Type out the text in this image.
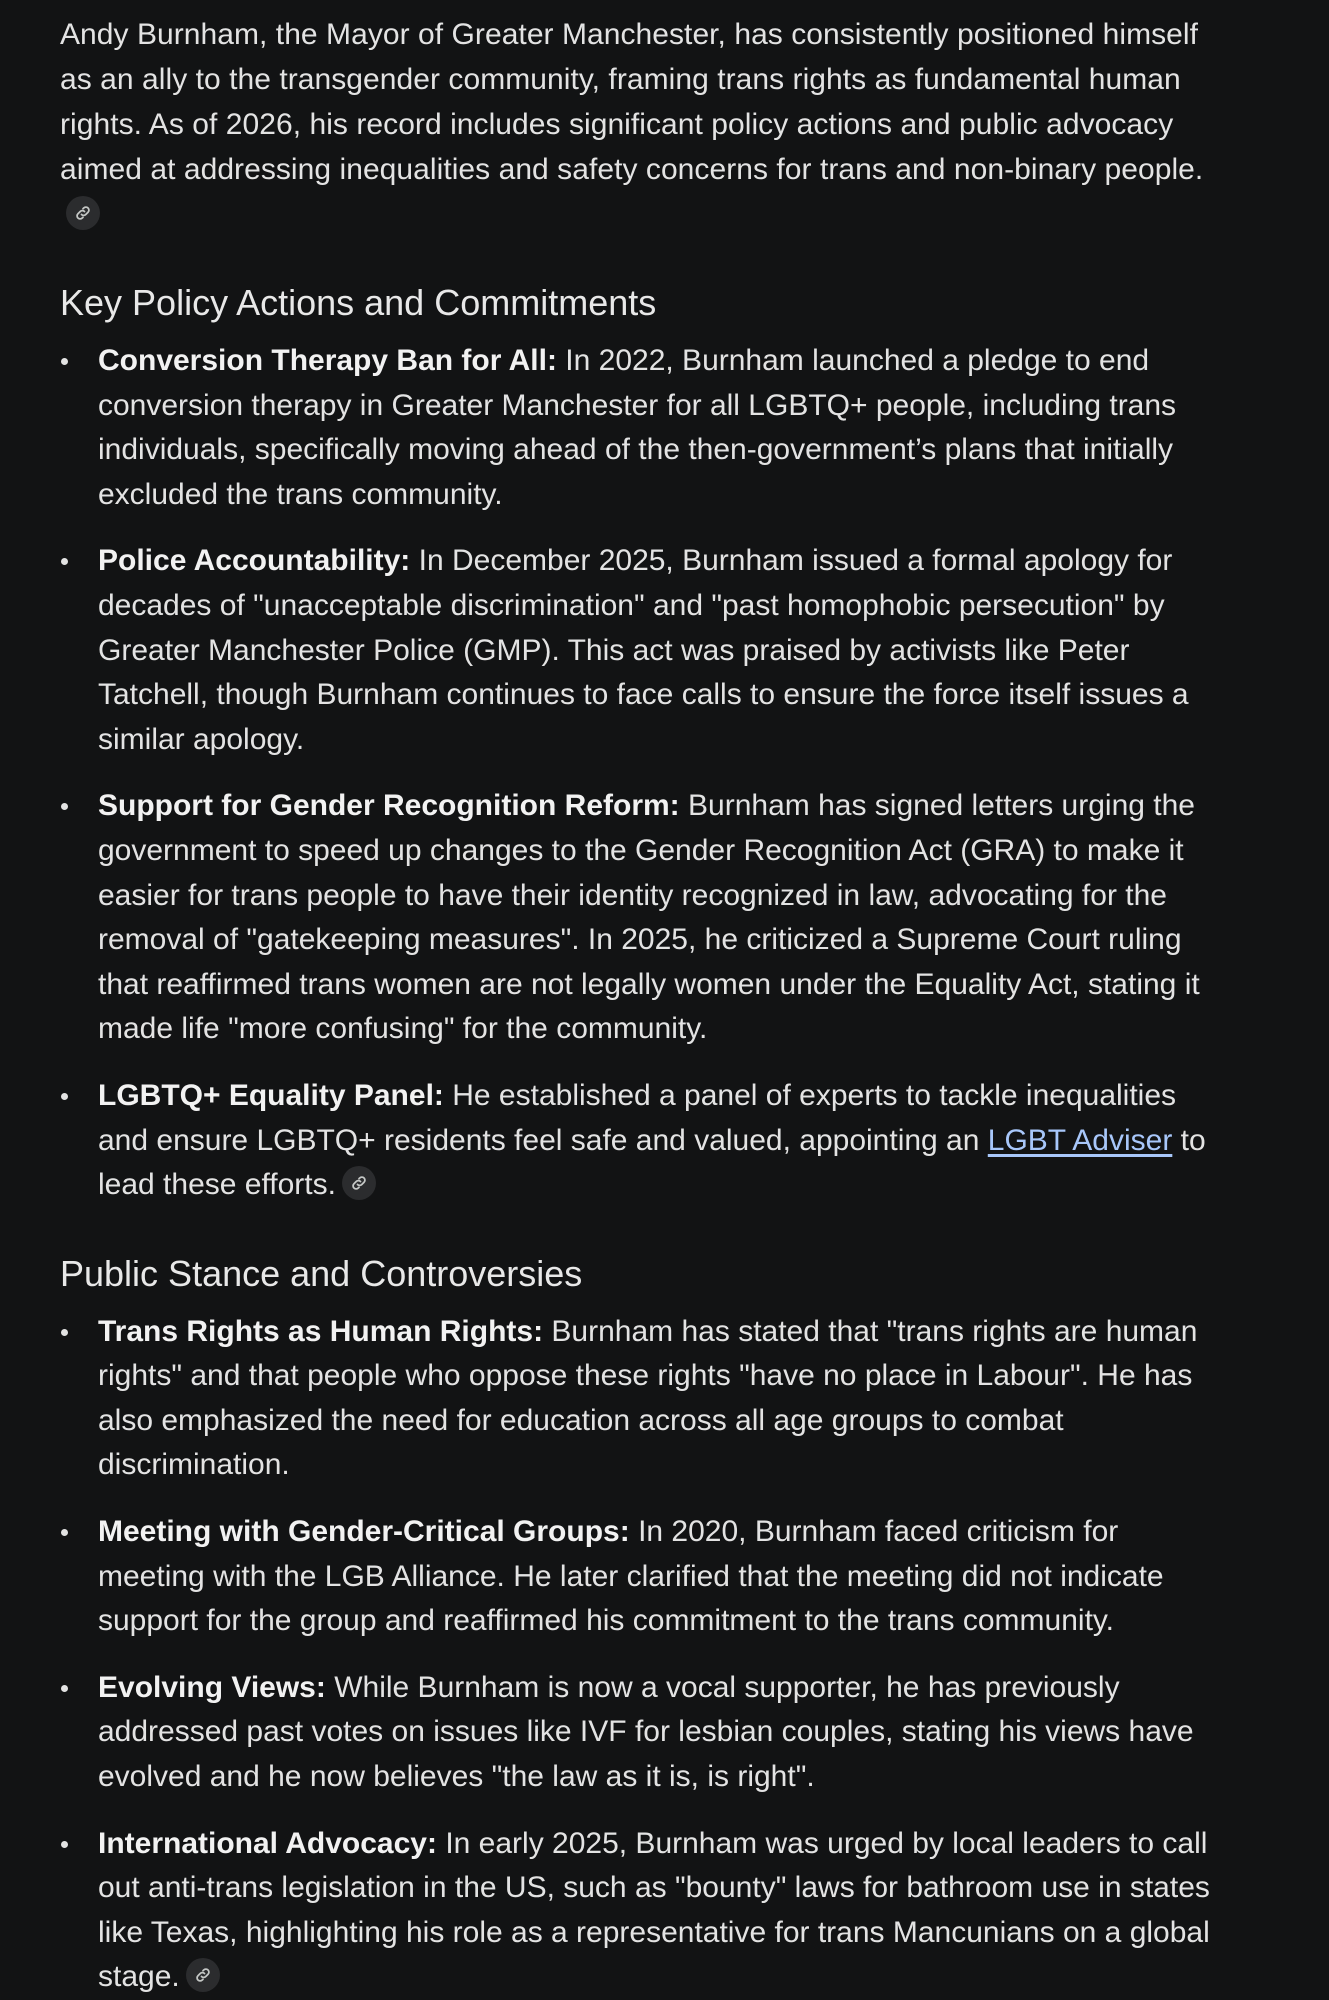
Andy Burnham, the Mayor of Greater Manchester, has consistently positioned himself as an ally to the transgender community, framing trans rights as fundamental human rights. As of 2026, his record includes significant policy actions and public advocacy aimed at addressing inequalities and safety concerns for trans and non-binary people.

Key Policy Actions and Commitments
Conversion Therapy Ban for All: In 2022, Burnham launched a pledge to end conversion therapy in Greater Manchester for all LGBTQ+ people, including trans individuals, specifically moving ahead of the then-government’s plans that initially excluded the trans community.
Police Accountability: In December 2025, Burnham issued a formal apology for decades of "unacceptable discrimination" and "past homophobic persecution" by Greater Manchester Police (GMP). This act was praised by activists like Peter Tatchell, though Burnham continues to face calls to ensure the force itself issues a similar apology.
Support for Gender Recognition Reform: Burnham has signed letters urging the government to speed up changes to the Gender Recognition Act (GRA) to make it easier for trans people to have their identity recognized in law, advocating for the removal of "gatekeeping measures". In 2025, he criticized a Supreme Court ruling that reaffirmed trans women are not legally women under the Equality Act, stating it made life "more confusing" for the community.
LGBTQ+ Equality Panel: He established a panel of experts to tackle inequalities and ensure LGBTQ+ residents feel safe and valued, appointing an LGBT Adviser to lead these efforts.
Public Stance and Controversies
Trans Rights as Human Rights: Burnham has stated that "trans rights are human rights" and that people who oppose these rights "have no place in Labour". He has also emphasized the need for education across all age groups to combat discrimination.
Meeting with Gender-Critical Groups: In 2020, Burnham faced criticism for meeting with the LGB Alliance. He later clarified that the meeting did not indicate support for the group and reaffirmed his commitment to the trans community.
Evolving Views: While Burnham is now a vocal supporter, he has previously addressed past votes on issues like IVF for lesbian couples, stating his views have evolved and he now believes "the law as it is, is right".
International Advocacy: In early 2025, Burnham was urged by local leaders to call out anti-trans legislation in the US, such as "bounty" laws for bathroom use in states like Texas, highlighting his role as a representative for trans Mancunians on a global stage.
